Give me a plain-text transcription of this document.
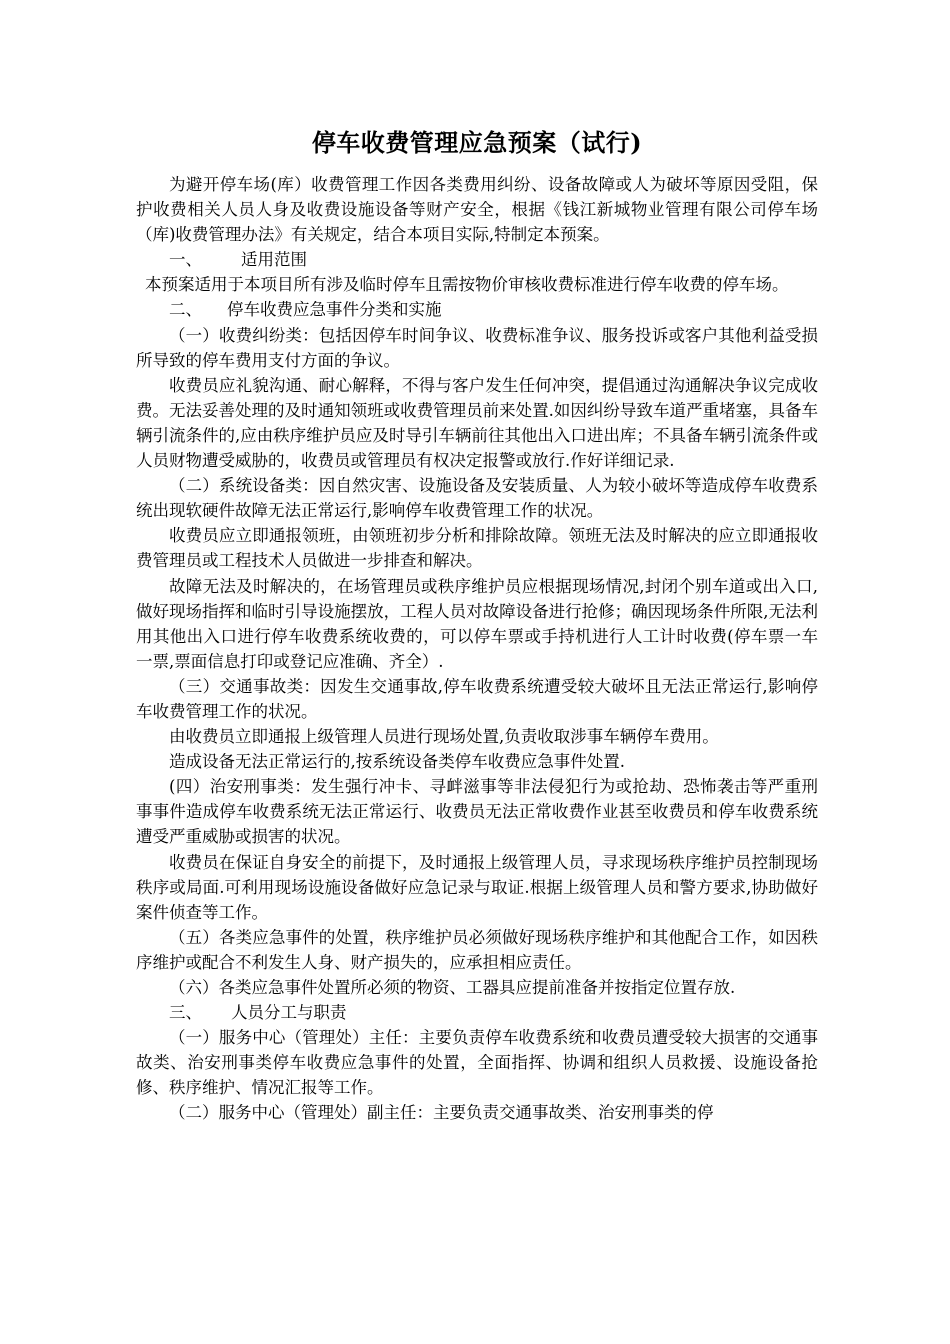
停车收费管理应急预案（试行)

为避开停车场(库）收费管理工作因各类费用纠纷、设备故障或人为破坏等原因受阻，保护收费相关人员人身及收费设施设备等财产安全，根据《钱江新城物业管理有限公司停车场（库)收费管理办法》有关规定，结合本项目实际,特制定本预案。

一、 适用范围

本预案适用于本项目所有涉及临时停车且需按物价审核收费标准进行停车收费的停车场。

二、 停车收费应急事件分类和实施

（一）收费纠纷类：包括因停车时间争议、收费标准争议、服务投诉或客户其他利益受损所导致的停车费用支付方面的争议。

收费员应礼貌沟通、耐心解释，不得与客户发生任何冲突，提倡通过沟通解决争议完成收费。无法妥善处理的及时通知领班或收费管理员前来处置.如因纠纷导致车道严重堵塞，具备车辆引流条件的,应由秩序维护员应及时导引车辆前往其他出入口进出库；不具备车辆引流条件或人员财物遭受威胁的，收费员或管理员有权决定报警或放行.作好详细记录.

（二）系统设备类：因自然灾害、设施设备及安装质量、人为较小破坏等造成停车收费系统出现软硬件故障无法正常运行,影响停车收费管理工作的状况。

收费员应立即通报领班，由领班初步分析和排除故障。领班无法及时解决的应立即通报收费管理员或工程技术人员做进一步排查和解决。

故障无法及时解决的，在场管理员或秩序维护员应根据现场情况,封闭个别车道或出入口,做好现场指挥和临时引导设施摆放，工程人员对故障设备进行抢修；确因现场条件所限,无法利用其他出入口进行停车收费系统收费的，可以停车票或手持机进行人工计时收费(停车票一车一票,票面信息打印或登记应准确、齐全）.

（三）交通事故类：因发生交通事故,停车收费系统遭受较大破坏且无法正常运行,影响停车收费管理工作的状况。

由收费员立即通报上级管理人员进行现场处置,负责收取涉事车辆停车费用。

造成设备无法正常运行的,按系统设备类停车收费应急事件处置.

(四）治安刑事类：发生强行冲卡、寻衅滋事等非法侵犯行为或抢劫、恐怖袭击等严重刑事事件造成停车收费系统无法正常运行、收费员无法正常收费作业甚至收费员和停车收费系统遭受严重威胁或损害的状况。

收费员在保证自身安全的前提下，及时通报上级管理人员，寻求现场秩序维护员控制现场秩序或局面.可利用现场设施设备做好应急记录与取证.根据上级管理人员和警方要求,协助做好案件侦查等工作。

（五）各类应急事件的处置，秩序维护员必须做好现场秩序维护和其他配合工作，如因秩序维护或配合不利发生人身、财产损失的，应承担相应责任。

（六）各类应急事件处置所必须的物资、工器具应提前准备并按指定位置存放.

三、 人员分工与职责

（一）服务中心（管理处）主任：主要负责停车收费系统和收费员遭受较大损害的交通事故类、治安刑事类停车收费应急事件的处置，全面指挥、协调和组织人员救援、设施设备抢修、秩序维护、情况汇报等工作。

（二）服务中心（管理处）副主任：主要负责交通事故类、治安刑事类的停
